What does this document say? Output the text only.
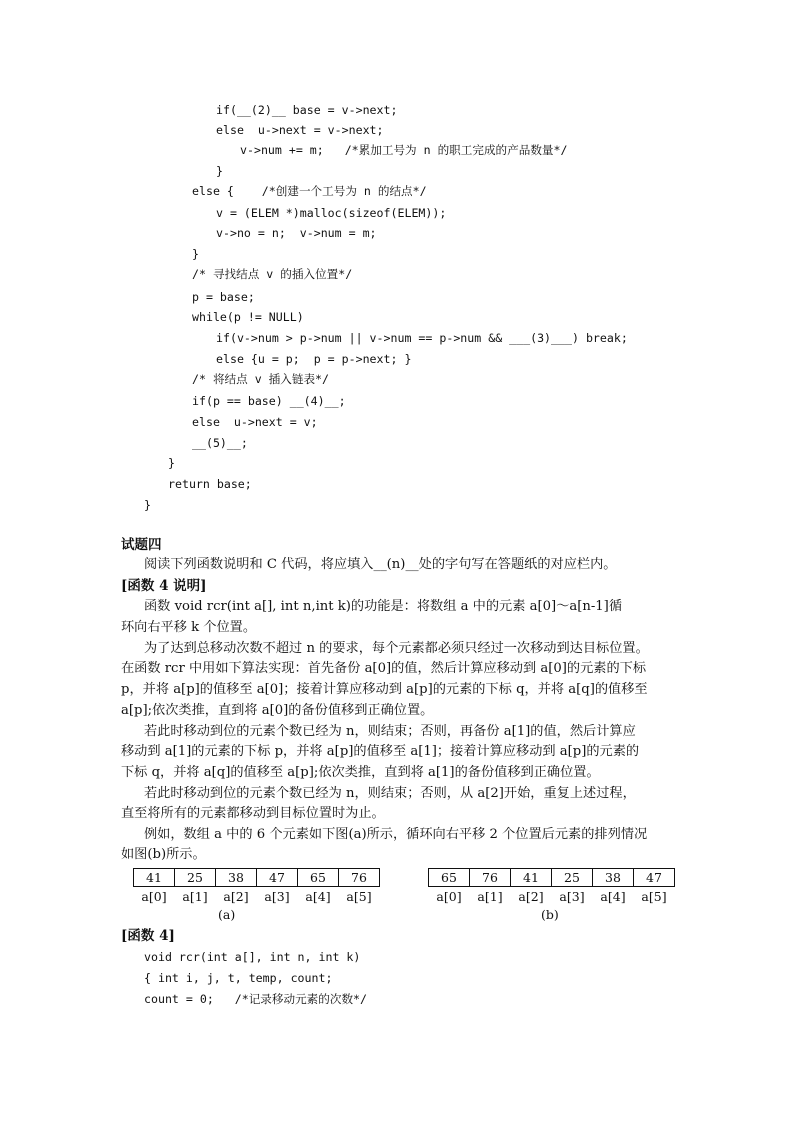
if(__(2)__ base = v->next;
else  u->next = v->next;
v->num += m;   /*累加工号为 n 的职工完成的产品数量*/
}
else {    /*创建一个工号为 n 的结点*/
v = (ELEM *)malloc(sizeof(ELEM));
v->no = n;  v->num = m;
}
/* 寻找结点 v 的插入位置*/
p = base;
while(p != NULL)
if(v->num > p->num || v->num == p->num && ___(3)___) break;
else {u = p;  p = p->next; }
/* 将结点 v 插入链表*/
if(p == base) __(4)__;
else  u->next = v;
__(5)__;
}
return base;
}
试题四
阅读下列函数说明和 C 代码，将应填入__(n)__处的字句写在答题纸的对应栏内。
[函数 4 说明]
函数 void rcr(int a[], int n,int k)的功能是：将数组 a 中的元素 a[0]～a[n-1]循
环向右平移 k 个位置。
为了达到总移动次数不超过 n 的要求，每个元素都必须只经过一次移动到达目标位置。
在函数 rcr 中用如下算法实现：首先备份 a[0]的值，然后计算应移动到 a[0]的元素的下标
p，并将 a[p]的值移至 a[0]；接着计算应移动到 a[p]的元素的下标 q，并将 a[q]的值移至
a[p];依次类推，直到将 a[0]的备份值移到正确位置。
若此时移动到位的元素个数已经为 n，则结束；否则，再备份 a[1]的值，然后计算应
移动到 a[1]的元素的下标 p，并将 a[p]的值移至 a[1]；接着计算应移动到 a[p]的元素的
下标 q，并将 a[q]的值移至 a[p];依次类推，直到将 a[1]的备份值移到正确位置。
若此时移动到位的元素个数已经为 n，则结束；否则，从 a[2]开始，重复上述过程，
直至将所有的元素都移动到目标位置时为止。
例如，数组 a 中的 6 个元素如下图(a)所示，循环向右平移 2 个位置后元素的排列情况
如图(b)所示。
41	25	38	47	65	76
a[0]	a[1]	a[2]	a[3]	a[4]	a[5]
(a)
65	76	41	25	38	47
a[0]	a[1]	a[2]	a[3]	a[4]	a[5]
(b)
[函数 4]
void rcr(int a[], int n, int k)
{ int i, j, t, temp, count;
count = 0;   /*记录移动元素的次数*/
